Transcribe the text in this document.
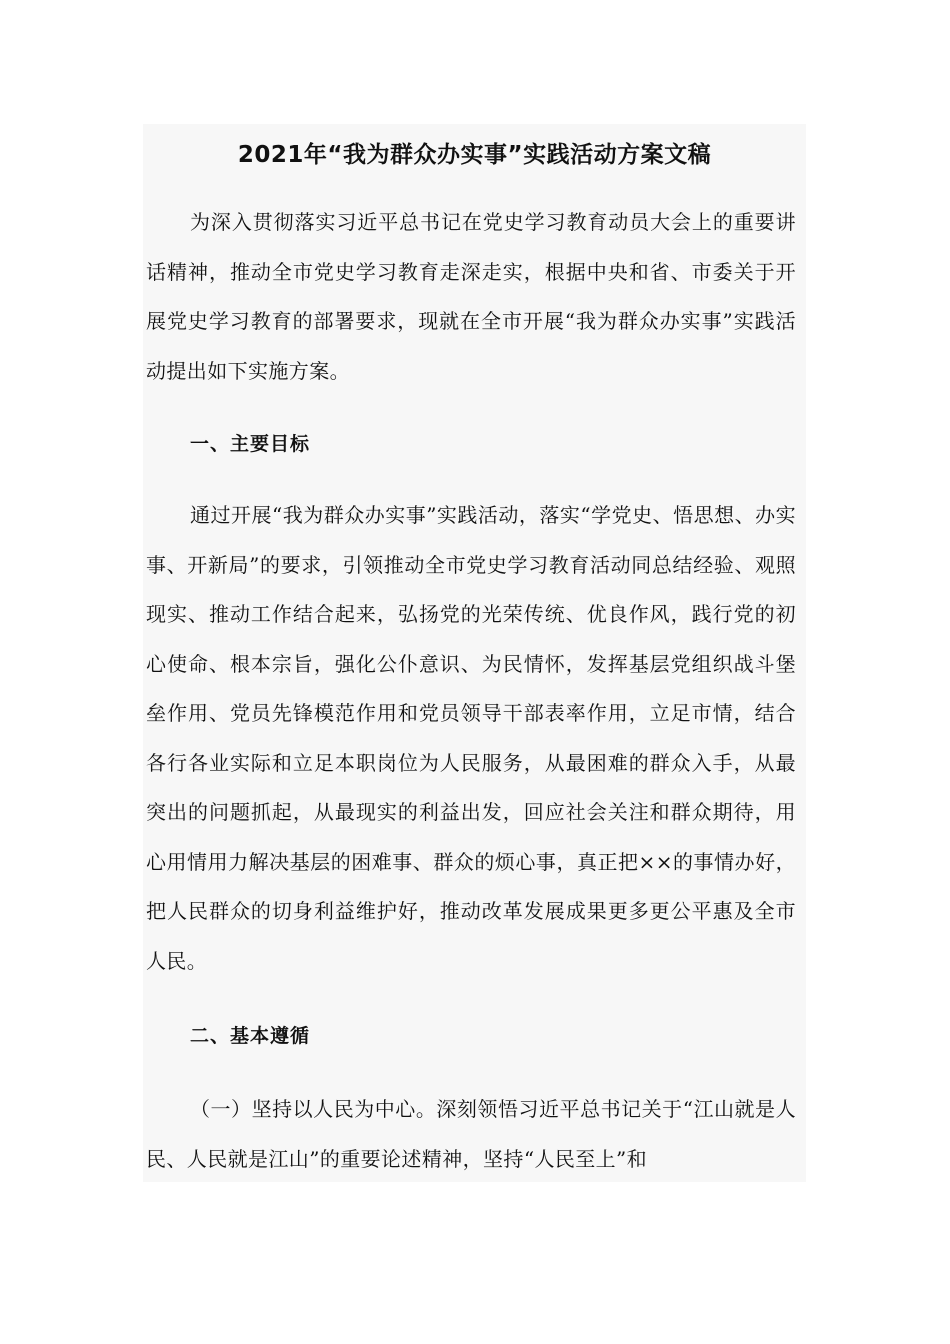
2021年“我为群众办实事”实践活动方案文稿

为深入贯彻落实习近平总书记在党史学习教育动员大会上的重要讲话精神，推动全市党史学习教育走深走实，根据中央和省、市委关于开展党史学习教育的部署要求，现就在全市开展“我为群众办实事”实践活动提出如下实施方案。

一、主要目标

通过开展“我为群众办实事”实践活动，落实“学党史、悟思想、办实事、开新局”的要求，引领推动全市党史学习教育活动同总结经验、观照现实、推动工作结合起来，弘扬党的光荣传统、优良作风，践行党的初心使命、根本宗旨，强化公仆意识、为民情怀，发挥基层党组织战斗堡垒作用、党员先锋模范作用和党员领导干部表率作用，立足市情，结合各行各业实际和立足本职岗位为人民服务，从最困难的群众入手，从最突出的问题抓起，从最现实的利益出发，回应社会关注和群众期待，用心用情用力解决基层的困难事、群众的烦心事，真正把××的事情办好，把人民群众的切身利益维护好，推动改革发展成果更多更公平惠及全市人民。

二、基本遵循

（一）坚持以人民为中心。深刻领悟习近平总书记关于“江山就是人民、人民就是江山”的重要论述精神，坚持“人民至上”和
